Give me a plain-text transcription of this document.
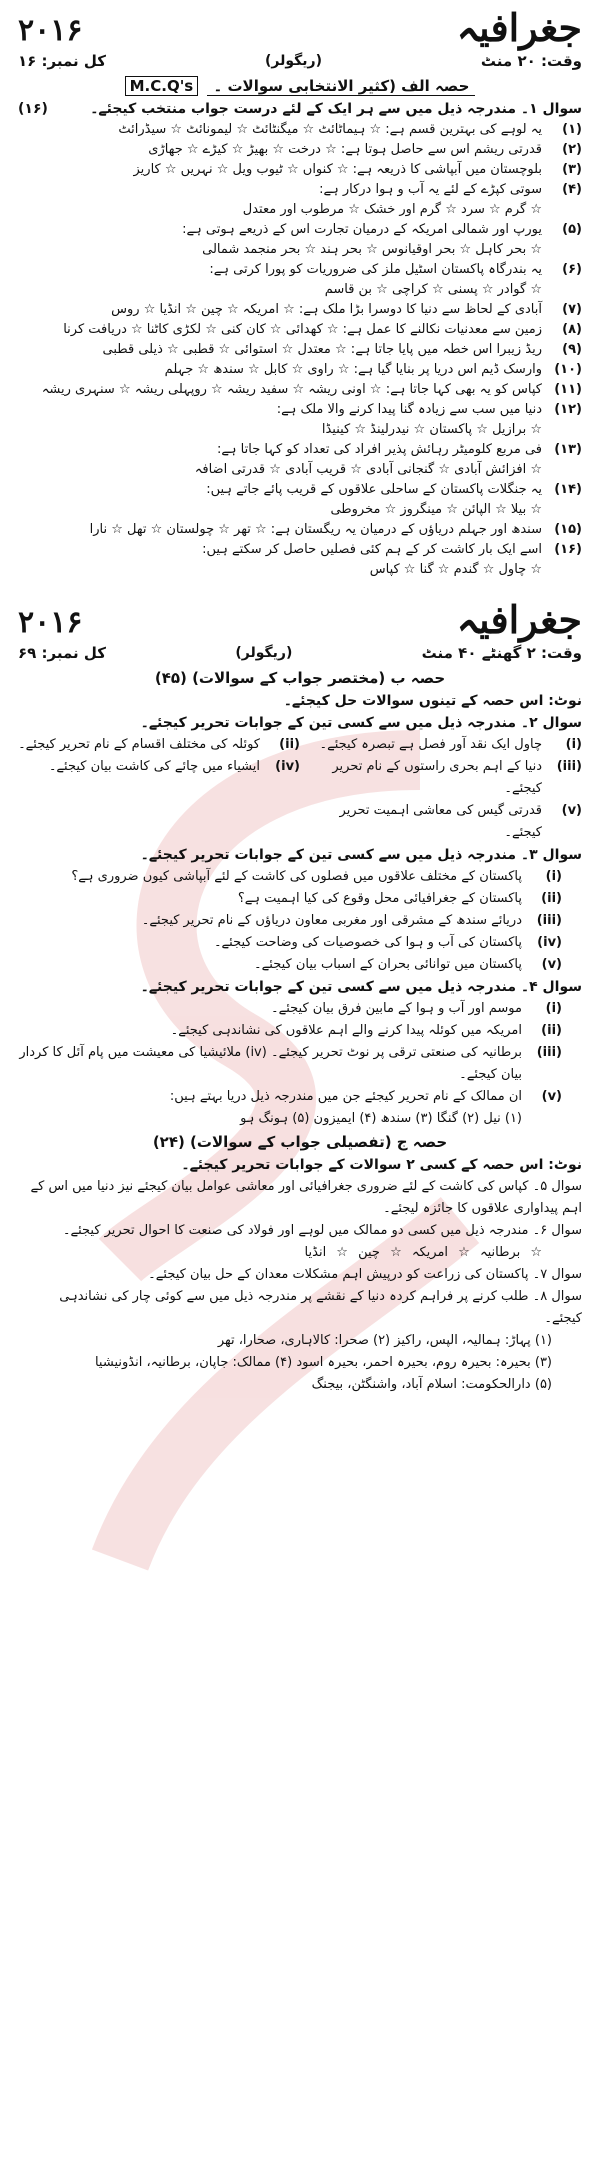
جغرافیہ
۲۰۱۶
وقت: ۲۰ منٹ
(ریگولر)
کل نمبر: ۱۶
حصہ الف (کثیر الانتخابی سوالات ۔ M.C.Q's
سوال ۱۔ مندرجہ ذیل میں سے ہر ایک کے لئے درست جواب منتخب کیجئے۔
(۱۶)
(۱)
یہ لوہے کی بہترین قسم ہے: ☆ ہیماٹائٹ ☆ میگنٹائٹ ☆ لیمونائٹ ☆ سیڈرائٹ
(۲)
قدرتی ریشم اس سے حاصل ہوتا ہے: ☆ درخت ☆ بھیڑ ☆ کیڑے ☆ جھاڑی
(۳)
بلوچستان میں آبپاشی کا ذریعہ ہے: ☆ کنواں ☆ ٹیوب ویل ☆ نہریں ☆ کاریز
(۴)
سوتی کپڑے کے لئے یہ آب و ہوا درکار ہے:
☆ گرم ☆ سرد ☆ گرم اور خشک ☆ مرطوب اور معتدل
(۵)
یورپ اور شمالی امریکہ کے درمیان تجارت اس کے ذریعے ہوتی ہے:
☆ بحر کاہل ☆ بحر اوقیانوس ☆ بحر ہند ☆ بحر منجمد شمالی
(۶)
یہ بندرگاہ پاکستان اسٹیل ملز کی ضروریات کو پورا کرتی ہے:
☆ گوادر ☆ پسنی ☆ کراچی ☆ بن قاسم
(۷)
آبادی کے لحاظ سے دنیا کا دوسرا بڑا ملک ہے: ☆ امریکہ ☆ چین ☆ انڈیا ☆ روس
(۸)
زمین سے معدنیات نکالنے کا عمل ہے: ☆ کھدائی ☆ کان کنی ☆ لکڑی کاٹنا ☆ دریافت کرنا
(۹)
ریڈ زیبرا اس خطہ میں پایا جاتا ہے: ☆ معتدل ☆ استوائی ☆ قطبی ☆ ذیلی قطبی
(۱۰)
وارسک ڈیم اس دریا پر بنایا گیا ہے: ☆ راوی ☆ کابل ☆ سندھ ☆ جہلم
(۱۱)
کپاس کو یہ بھی کہا جاتا ہے: ☆ اونی ریشہ ☆ سفید ریشہ ☆ روپہلی ریشہ ☆ سنہری ریشہ
(۱۲)
دنیا میں سب سے زیادہ گنا پیدا کرنے والا ملک ہے:
☆ برازیل ☆ پاکستان ☆ نیدرلینڈ ☆ کینیڈا
(۱۳)
فی مربع کلومیٹر رہائش پذیر افراد کی تعداد کو کہا جاتا ہے:
☆ افزائش آبادی ☆ گنجانی آبادی ☆ قریب آبادی ☆ قدرتی اضافہ
(۱۴)
یہ جنگلات پاکستان کے ساحلی علاقوں کے قریب پائے جاتے ہیں:
☆ بیلا ☆ الپائن ☆ مینگروز ☆ مخروطی
(۱۵)
سندھ اور جہلم دریاؤں کے درمیان یہ ریگستان ہے: ☆ تھر ☆ چولستان ☆ تھل ☆ نارا
(۱۶)
اسے ایک بار کاشت کر کے ہم کئی فصلیں حاصل کر سکتے ہیں:
☆ چاول ☆ گندم ☆ گنا ☆ کپاس
جغرافیہ
۲۰۱۶
وقت: ۲ گھنٹے ۴۰ منٹ
(ریگولر)
کل نمبر: ۶۹
حصہ ب (مختصر جواب کے سوالات) (۴۵)
نوٹ: اس حصہ کے تینوں سوالات حل کیجئے۔
سوال ۲۔ مندرجہ ذیل میں سے کسی تین کے جوابات تحریر کیجئے۔
(i)
چاول ایک نقد آور فصل ہے تبصرہ کیجئے۔
(ii)
کوئلہ کی مختلف اقسام کے نام تحریر کیجئے۔
(iii)
دنیا کے اہم بحری راستوں کے نام تحریر کیجئے۔
(iv)
ایشیاء میں چائے کی کاشت بیان کیجئے۔
(v)
قدرتی گیس کی معاشی اہمیت تحریر کیجئے۔
سوال ۳۔ مندرجہ ذیل میں سے کسی تین کے جوابات تحریر کیجئے۔
(i)
پاکستان کے مختلف علاقوں میں فصلوں کی کاشت کے لئے آبپاشی کیوں ضروری ہے؟
(ii)
پاکستان کے جغرافیائی محل وقوع کی کیا اہمیت ہے؟
(iii)
دریائے سندھ کے مشرقی اور مغربی معاون دریاؤں کے نام تحریر کیجئے۔
(iv)
پاکستان کی آب و ہوا کی خصوصیات کی وضاحت کیجئے۔
(v)
پاکستان میں توانائی بحران کے اسباب بیان کیجئے۔
سوال ۴۔ مندرجہ ذیل میں سے کسی تین کے جوابات تحریر کیجئے۔
(i)
موسم اور آب و ہوا کے مابین فرق بیان کیجئے۔
(ii)
امریکہ میں کوئلہ پیدا کرنے والے اہم علاقوں کی نشاندہی کیجئے۔
(iii)
برطانیہ کی صنعتی ترقی پر نوٹ تحریر کیجئے۔ (iv) ملائیشیا کی معیشت میں پام آئل کا کردار بیان کیجئے۔
(v)
ان ممالک کے نام تحریر کیجئے جن میں مندرجہ ذیل دریا بہتے ہیں:
(۱) نیل (۲) گنگا (۳) سندھ (۴) ایمیزون (۵) ہونگ ہو
حصہ ج (تفصیلی جواب کے سوالات) (۲۴)
نوٹ: اس حصہ کے کسی ۲ سوالات کے جوابات تحریر کیجئے۔
سوال ۵۔ کپاس کی کاشت کے لئے ضروری جغرافیائی اور معاشی عوامل بیان کیجئے نیز دنیا میں اس کے اہم پیداواری علاقوں کا جائزہ لیجئے۔
سوال ۶۔ مندرجہ ذیل میں کسی دو ممالک میں لوہے اور فولاد کی صنعت کا احوال تحریر کیجئے۔
☆ برطانیہ ☆ امریکہ ☆ چین ☆ انڈیا
سوال ۷۔ پاکستان کی زراعت کو درپیش اہم مشکلات معدان کے حل بیان کیجئے۔
سوال ۸۔ طلب کرنے پر فراہم کردہ دنیا کے نقشے پر مندرجہ ذیل میں سے کوئی چار کی نشاندہی کیجئے۔
(۱) پہاڑ: ہمالیہ، الپس، راکیز (۲) صحرا: کالاہاری، صحارا، تھر
(۳) بحیرہ: بحیرہ روم، بحیرہ احمر، بحیرہ اسود (۴) ممالک: جاپان، برطانیہ، انڈونیشیا
(۵) دارالحکومت: اسلام آباد، واشنگٹن، بیجنگ
